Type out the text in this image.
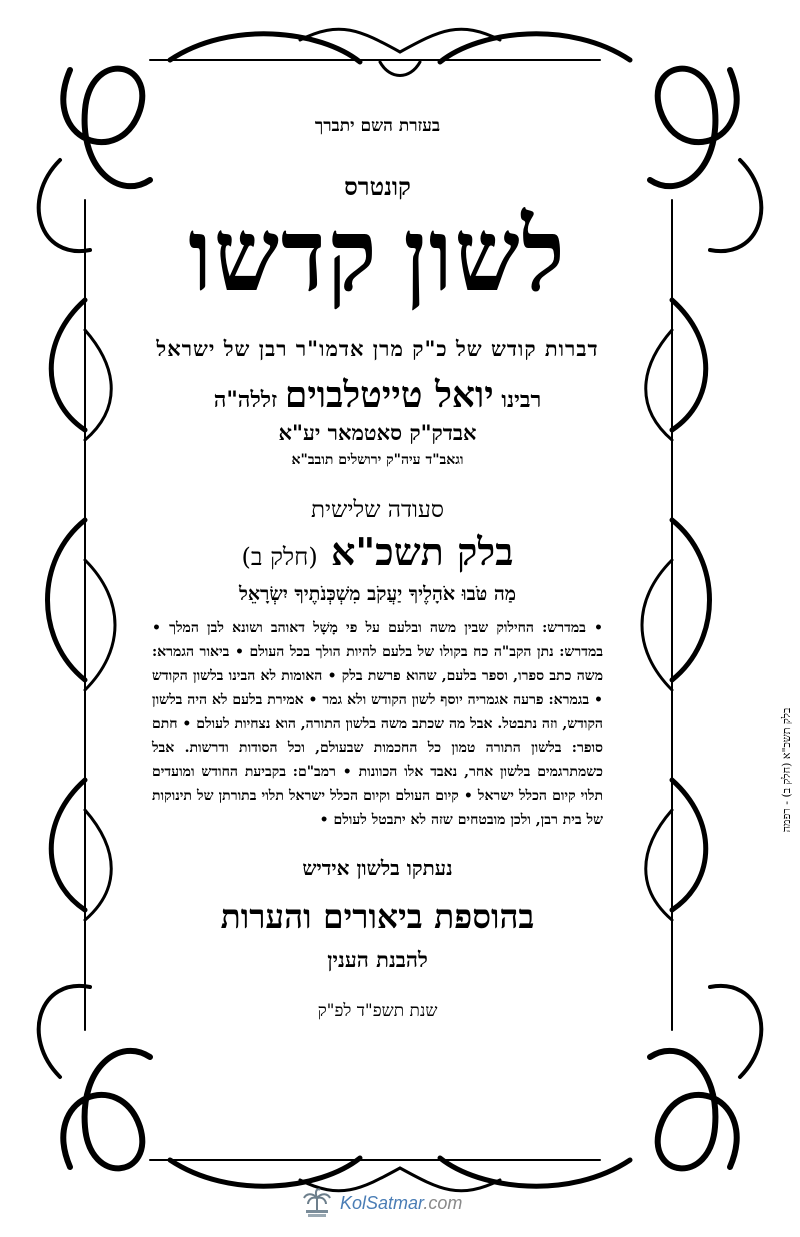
בעזרת השם יתברך
קונטרס
לשון קדשו
דברות קודש של כ"ק מרן אדמו"ר רבן של ישראל
רבינו יואל טייטלבוים זללה"ה
אבדק"ק סאטמאר יע"א
וגאב"ד עיה"ק ירושלים תובב"א
סעודה שלישית
בלק תשכ"א (חלק ב)
מַה טֹּבוּ אֹהָלֶיךָ יַעֲקֹב מִשְׁכְּנֹתֶיךָ יִשְׂרָאֵל
• במדרש: החילוק שבין משה ובלעם על פי מָשָׁל דאוהב ושונא לבן המלך • במדרש: נתן הקב"ה כח בקולו של בלעם להיות הולך בכל העולם • ביאור הגמרא: משה כתב ספרו, וספר בלעם, שהוא פרשת בלק • האומות לא הבינו בלשון הקודש • בגמרא: פרעה אגמריה יוסף לשון הקודש ולא גמר • אמירת בלעם לא היה בלשון הקודש, וזה נתבטל. אבל מה שכתב משה בלשון התורה, הוא נצחיות לעולם • חתם סופר: בלשון התורה טמון כל החכמות שבעולם, וכל הסודות ודרשות. אבל כשמתרגמים בלשון אחר, נאבד אלו הכוונות • רמב"ם: בקביעת החודש ומועדים תלוי קיום הכלל ישראל • קיום העולם וקיום הכלל ישראל תלוי בתורתן של תינוקות של בית רבן, ולכן מובטחים שזה לא יתבטל לעולם •
נעתקו בלשון אידיש
בהוספת ביאורים והערות
להבנת הענין
שנת תשפ"ד לפ"ק
בלק תשכ"א (חלק ב) - רפמה
KolSatmar.com
